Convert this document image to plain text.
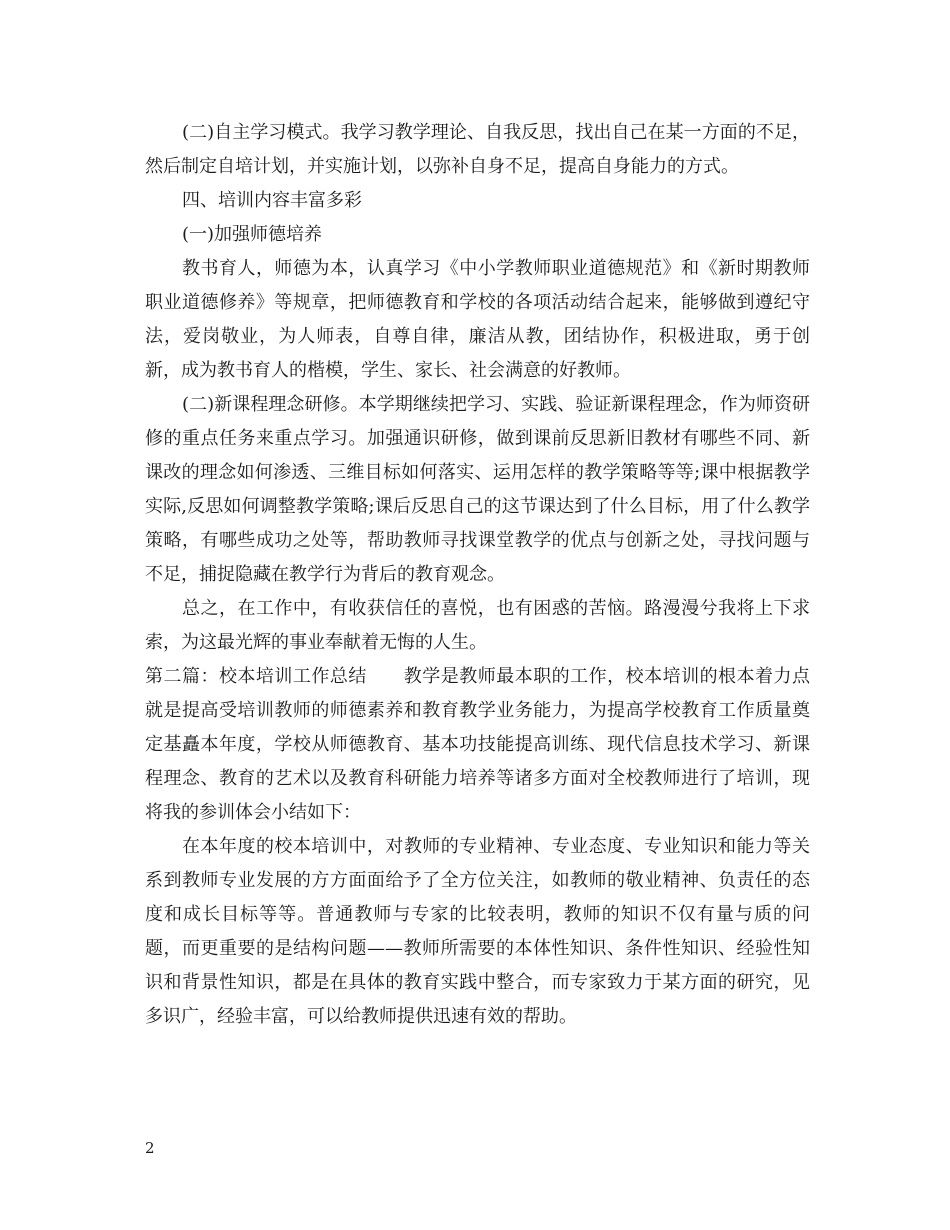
(二)自主学习模式。我学习教学理论、自我反思，找出自己在某一方面的不足，然后制定自培计划，并实施计划，以弥补自身不足，提高自身能力的方式。

四、培训内容丰富多彩

(一)加强师德培养

教书育人，师德为本，认真学习《中小学教师职业道德规范》和《新时期教师职业道德修养》等规章，把师德教育和学校的各项活动结合起来，能够做到遵纪守法，爱岗敬业，为人师表，自尊自律，廉洁从教，团结协作，积极进取，勇于创新，成为教书育人的楷模，学生、家长、社会满意的好教师。

(二)新课程理念研修。本学期继续把学习、实践、验证新课程理念，作为师资研修的重点任务来重点学习。加强通识研修，做到课前反思新旧教材有哪些不同、新课改的理念如何渗透、三维目标如何落实、运用怎样的教学策略等等;课中根据教学实际,反思如何调整教学策略;课后反思自己的这节课达到了什么目标，用了什么教学策略，有哪些成功之处等，帮助教师寻找课堂教学的优点与创新之处，寻找问题与不足，捕捉隐藏在教学行为背后的教育观念。

总之，在工作中，有收获信任的喜悦，也有困惑的苦恼。路漫漫兮我将上下求索，为这最光辉的事业奉献着无悔的人生。

第二篇：校本培训工作总结　　教学是教师最本职的工作，校本培训的根本着力点就是提高受培训教师的师德素养和教育教学业务能力，为提高学校教育工作质量奠定基矗本年度，学校从师德教育、基本功技能提高训练、现代信息技术学习、新课程理念、教育的艺术以及教育科研能力培养等诸多方面对全校教师进行了培训，现将我的参训体会小结如下：

在本年度的校本培训中，对教师的专业精神、专业态度、专业知识和能力等关系到教师专业发展的方方面面给予了全方位关注，如教师的敬业精神、负责任的态度和成长目标等等。普通教师与专家的比较表明，教师的知识不仅有量与质的问题，而更重要的是结构问题——教师所需要的本体性知识、条件性知识、经验性知识和背景性知识，都是在具体的教育实践中整合，而专家致力于某方面的研究，见多识广，经验丰富，可以给教师提供迅速有效的帮助。

2
